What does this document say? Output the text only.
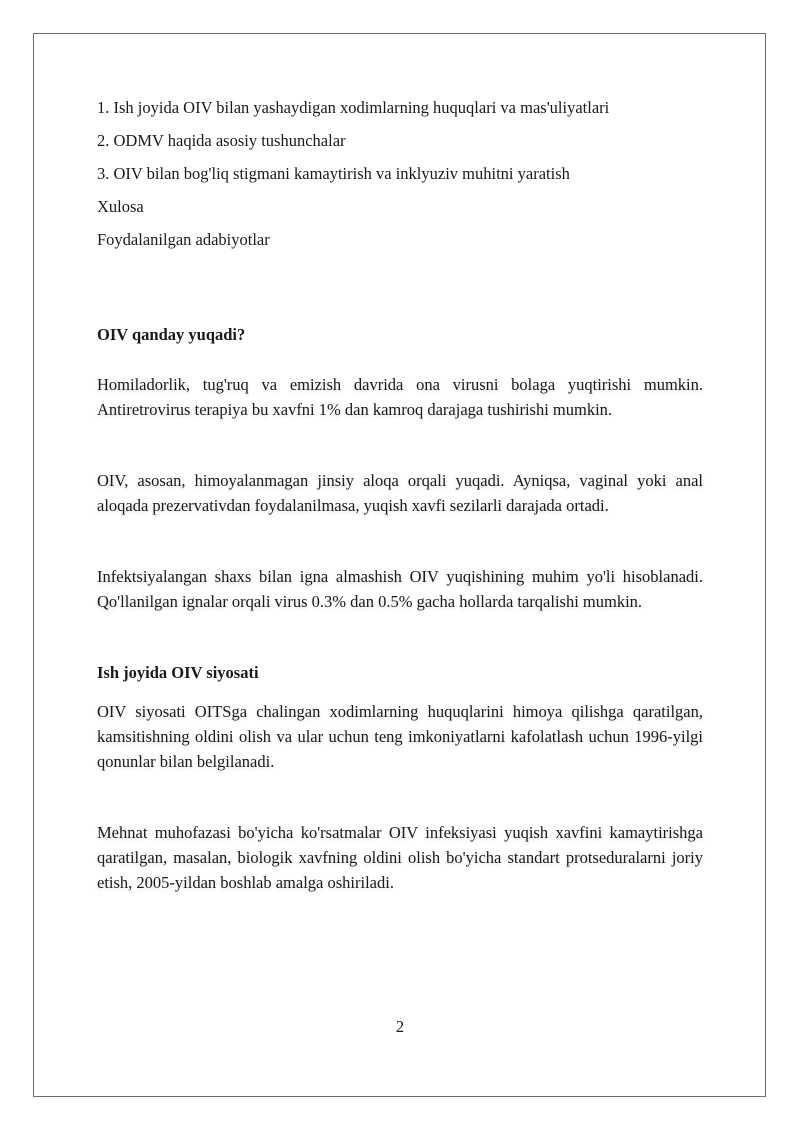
1. Ish joyida OIV bilan yashaydigan xodimlarning huquqlari va mas'uliyatlari

2. ODMV haqida asosiy tushunchalar

3. OIV bilan bog'liq stigmani kamaytirish va inklyuziv muhitni yaratish

Xulosa

Foydalanilgan adabiyotlar

OIV qanday yuqadi?

Homiladorlik, tug'ruq va emizish davrida ona virusni bolaga yuqtirishi mumkin. Antiretrovirus terapiya bu xavfni 1% dan kamroq darajaga tushirishi mumkin.

OIV, asosan, himoyalanmagan jinsiy aloqa orqali yuqadi. Ayniqsa, vaginal yoki anal aloqada prezervativdan foydalanilmasa, yuqish xavfi sezilarli darajada ortadi.

Infektsiyalangan shaxs bilan igna almashish OIV yuqishining muhim yo'li hisoblanadi. Qo'llanilgan ignalar orqali virus 0.3% dan 0.5% gacha hollarda tarqalishi mumkin.

Ish joyida OIV siyosati

OIV siyosati OITSga chalingan xodimlarning huquqlarini himoya qilishga qaratilgan, kamsitishning oldini olish va ular uchun teng imkoniyatlarni kafolatlash uchun 1996-yilgi qonunlar bilan belgilanadi.

Mehnat muhofazasi bo'yicha ko'rsatmalar OIV infeksiyasi yuqish xavfini kamaytirishga qaratilgan, masalan, biologik xavfning oldini olish bo'yicha standart protseduralarni joriy etish, 2005-yildan boshlab amalga oshiriladi.

2
